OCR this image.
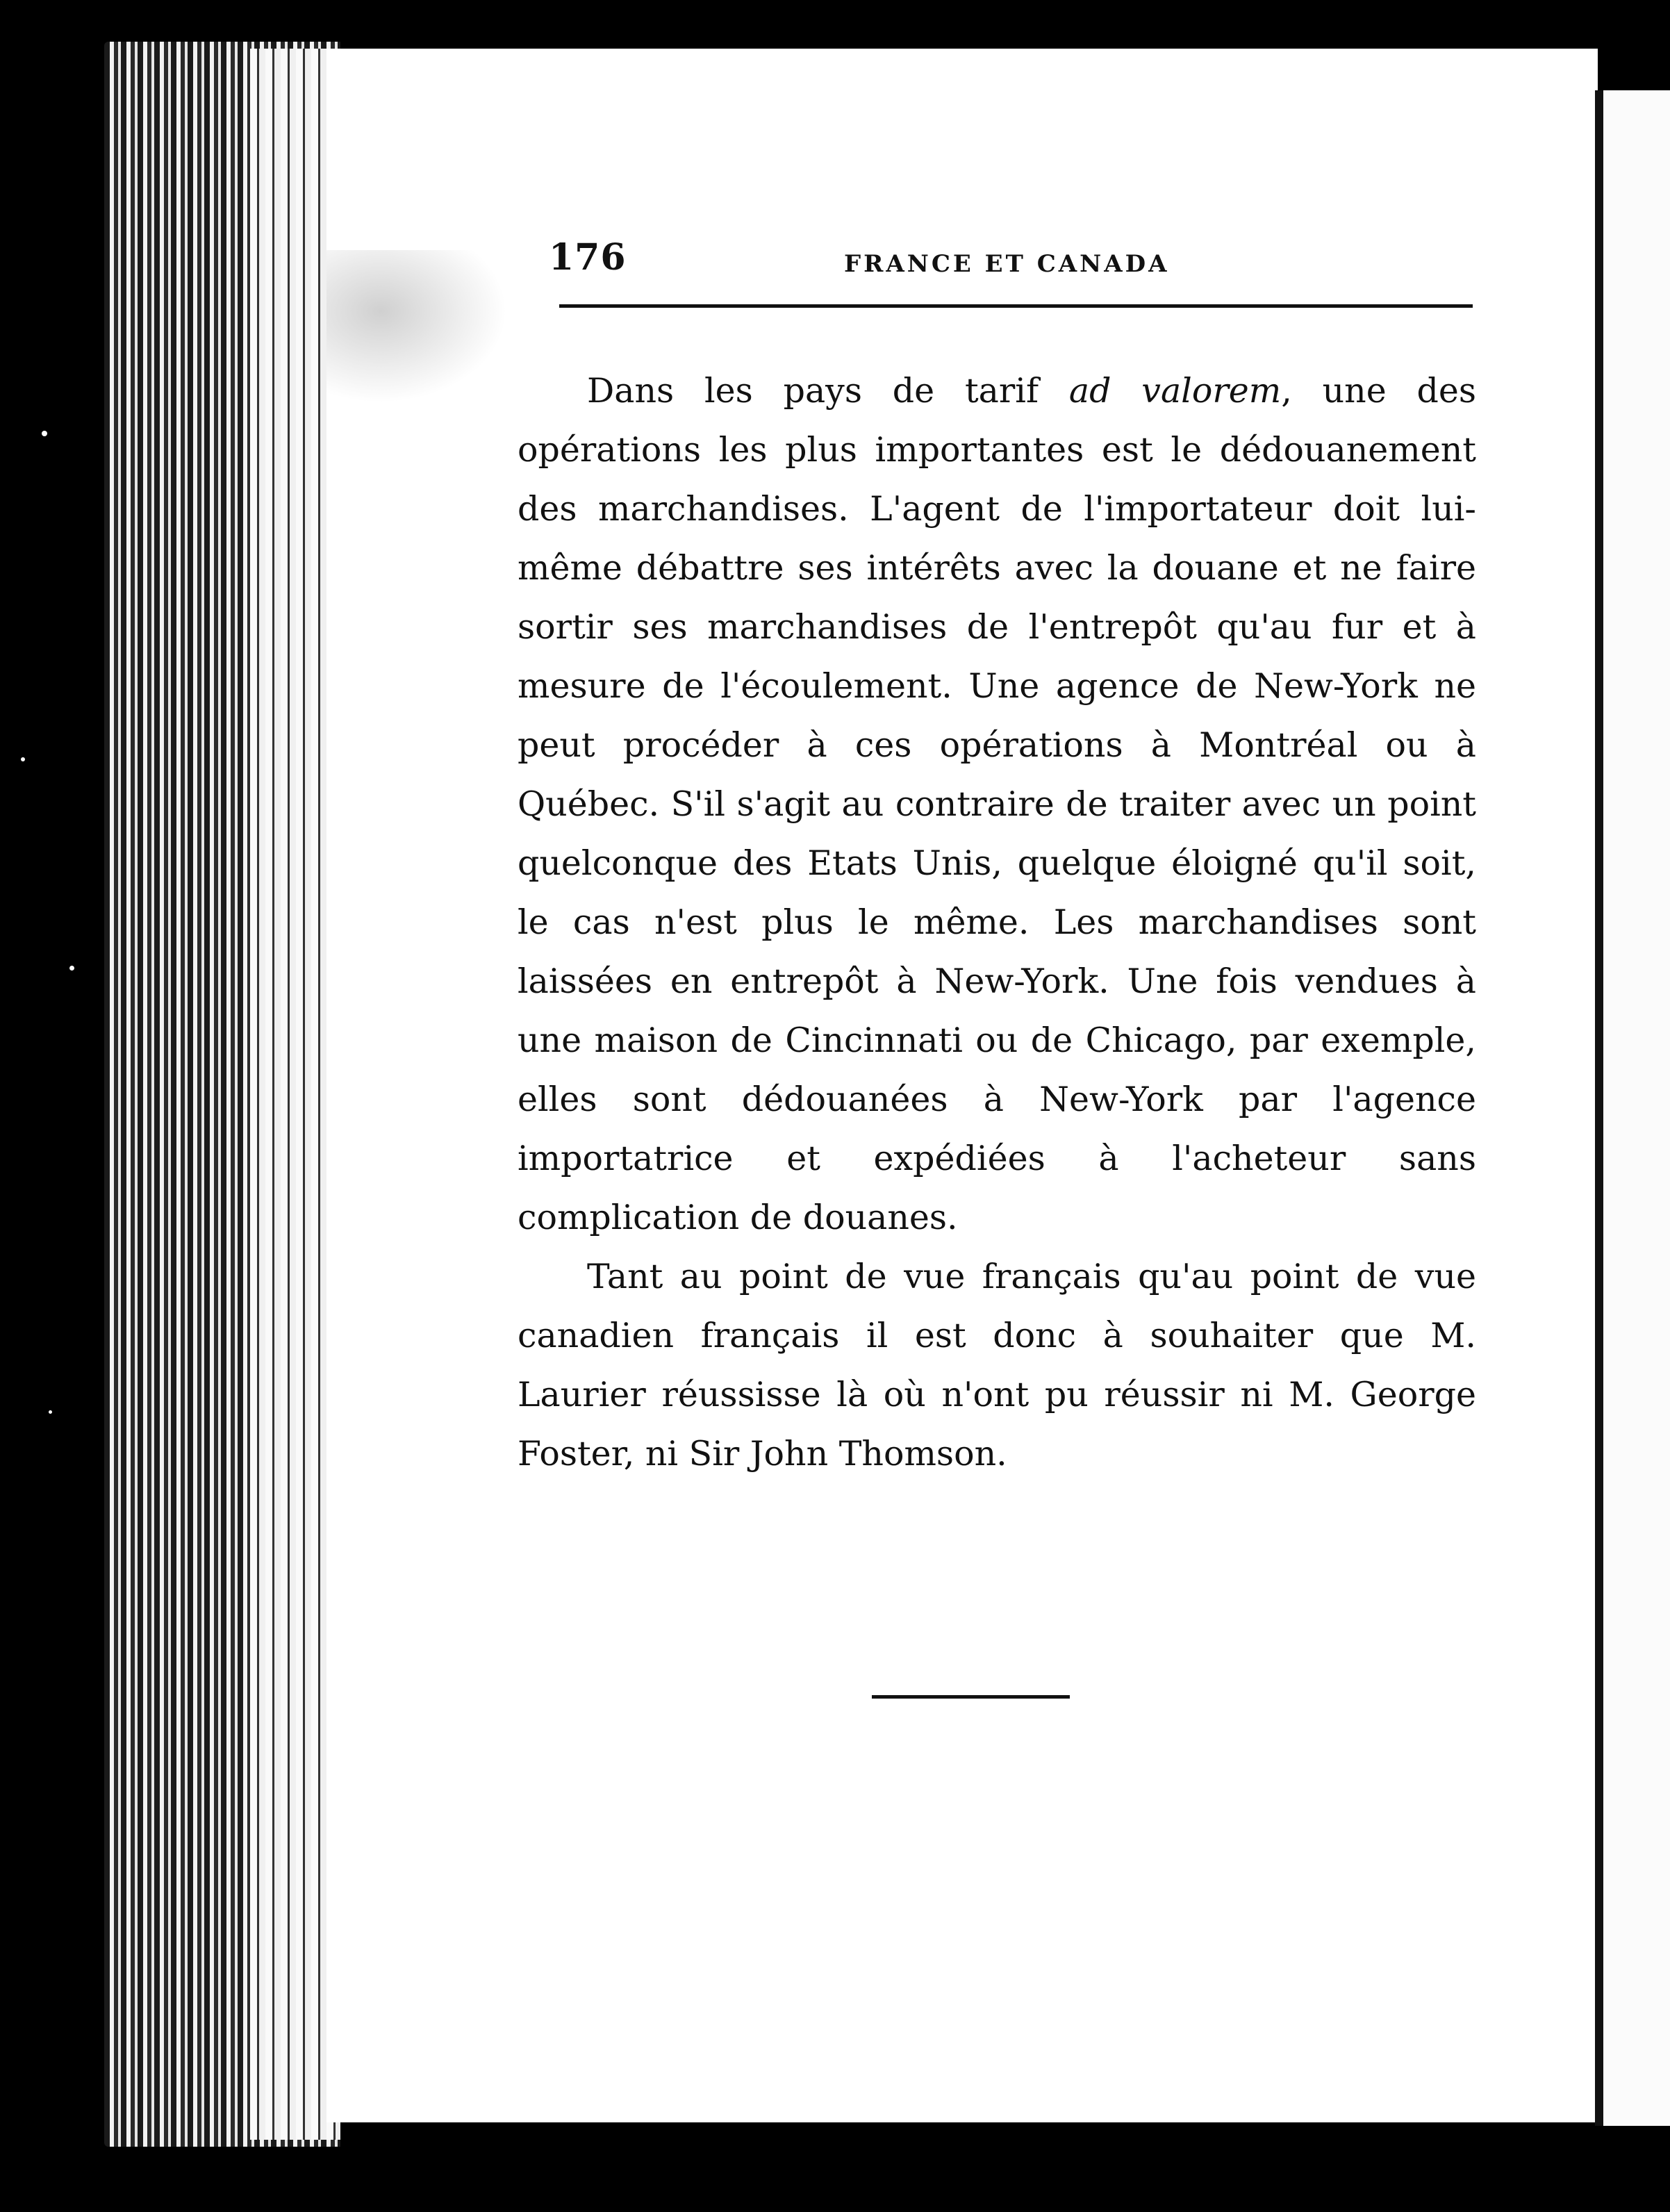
176	FRANCE ET CANADA

Dans les pays de tarif ad valorem, une des opérations les plus importantes est le dédouanement des marchandises. L'agent de l'importateur doit lui-même débattre ses intérêts avec la douane et ne faire sortir ses marchandises de l'entrepôt qu'au fur et à mesure de l'écoulement. Une agence de New-York ne peut procéder à ces opérations à Montréal ou à Québec. S'il s'agit au contraire de traiter avec un point quelconque des Etats Unis, quelque éloigné qu'il soit, le cas n'est plus le même. Les marchandises sont laissées en entrepôt à New-York. Une fois vendues à une maison de Cincinnati ou de Chicago, par exemple, elles sont dédouanées à New-York par l'agence importatrice et expédiées à l'acheteur sans complication de douanes.

Tant au point de vue français qu'au point de vue canadien français il est donc à souhaiter que M. Laurier réussisse là où n'ont pu réussir ni M. George Foster, ni Sir John Thomson.
